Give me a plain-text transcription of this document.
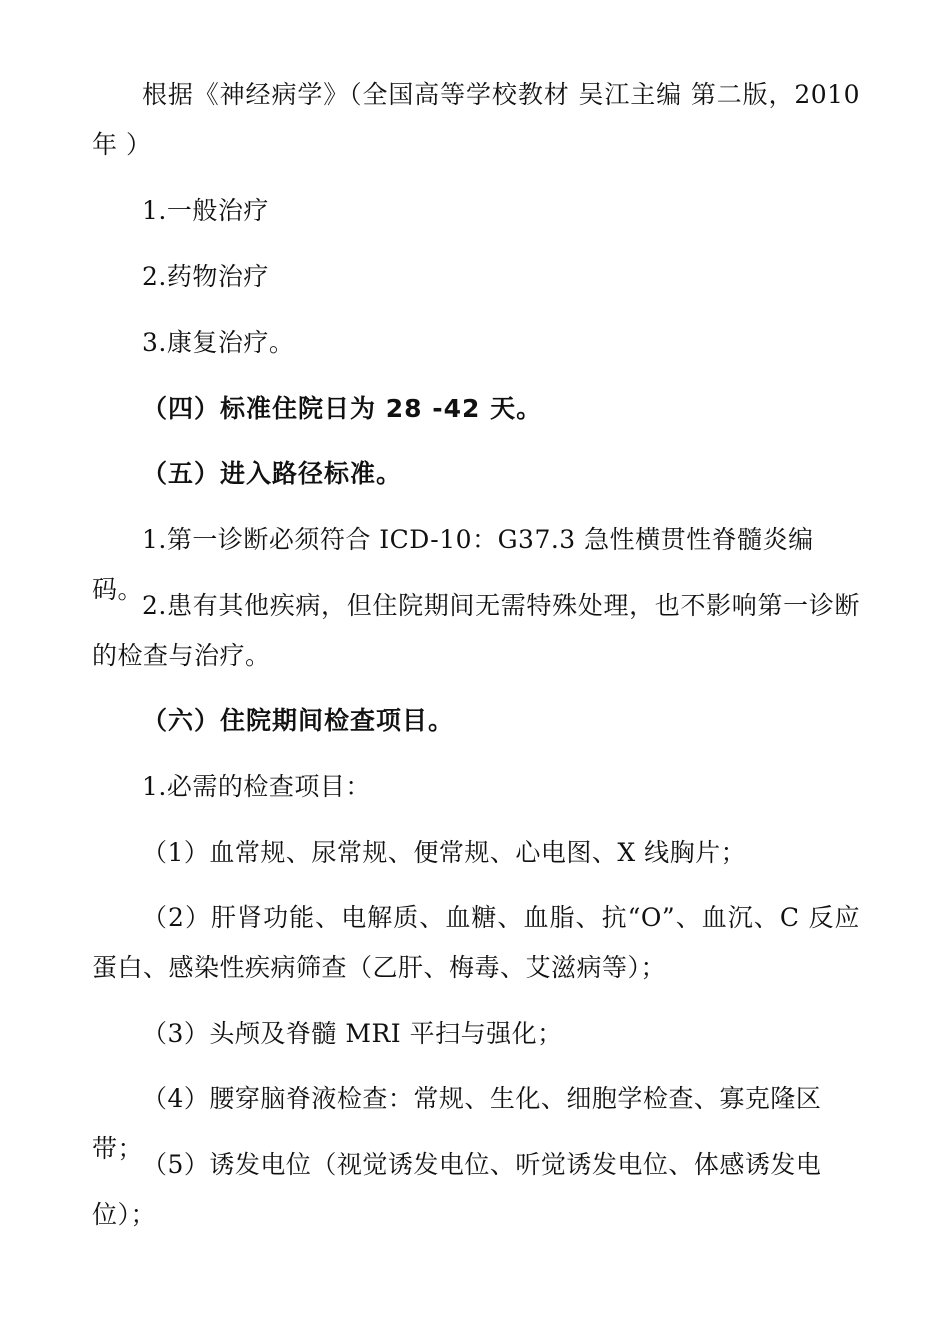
根据《神经病学》（全国高等学校教材 吴江主编 第二版，2010年 ）
1.一般治疗
2.药物治疗
3.康复治疗。
（四）标准住院日为 28 -42 天。
（五）进入路径标准。
1.第一诊断必须符合 ICD-10：G37.3 急性横贯性脊髓炎编码。
2.患有其他疾病，但住院期间无需特殊处理，也不影响第一诊断的检查与治疗。
（六）住院期间检查项目。
1.必需的检查项目：
（1）血常规、尿常规、便常规、心电图、X 线胸片；
（2）肝肾功能、电解质、血糖、血脂、抗“O”、血沉、C 反应蛋白、感染性疾病筛查（乙肝、梅毒、艾滋病等）；
（3）头颅及脊髓 MRI 平扫与强化；
（4）腰穿脑脊液检查：常规、生化、细胞学检查、寡克隆区带；
（5）诱发电位（视觉诱发电位、听觉诱发电位、体感诱发电位）；
